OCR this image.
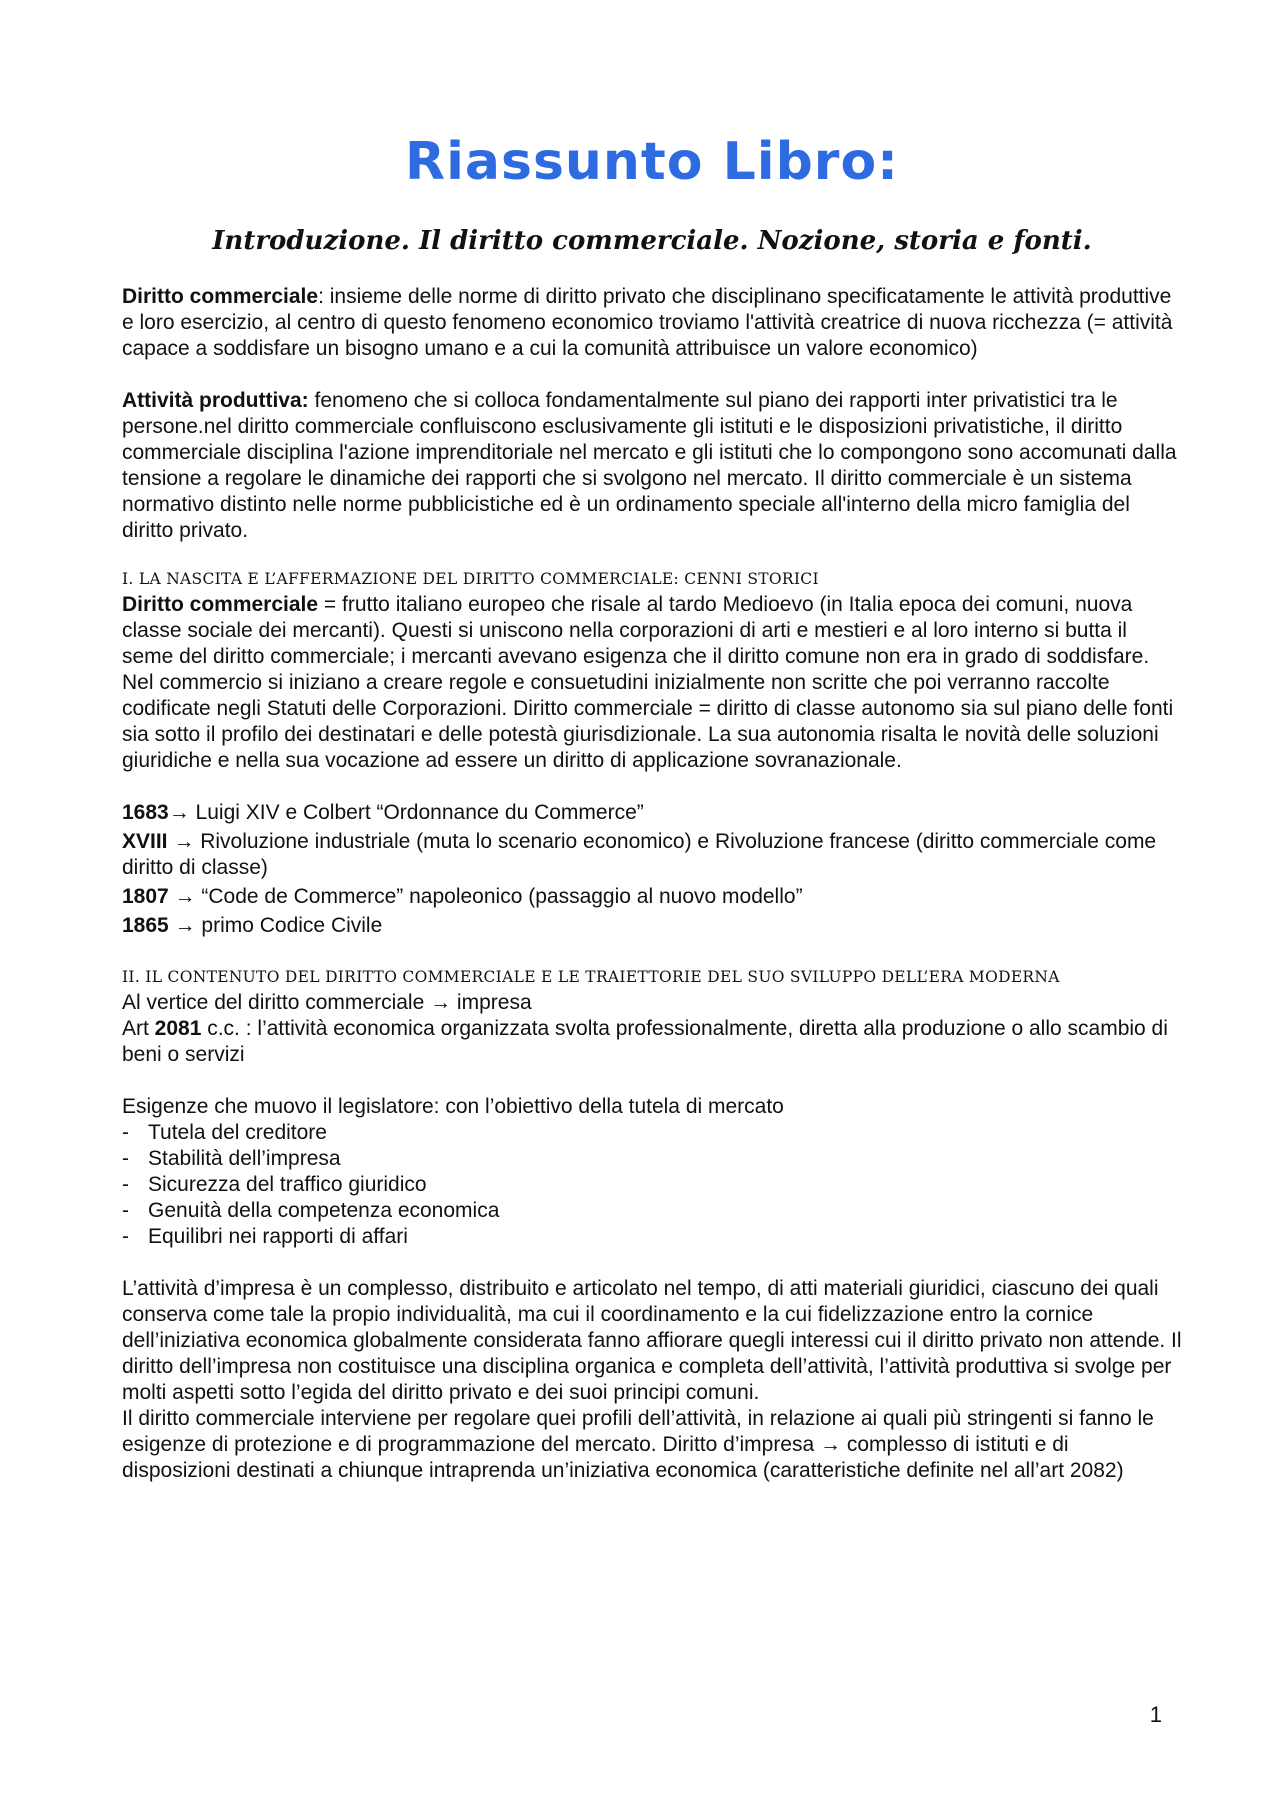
Riassunto Libro:
Introduzione. Il diritto commerciale. Nozione, storia e fonti.

Diritto commerciale: insieme delle norme di diritto privato che disciplinano specificatamente le attività produttive e loro esercizio, al centro di questo fenomeno economico troviamo l'attività creatrice di nuova ricchezza (= attività capace a soddisfare un bisogno umano e a cui la comunità attribuisce un valore economico)

Attività produttiva: fenomeno che si colloca fondamentalmente sul piano dei rapporti inter privatistici tra le persone.nel diritto commerciale confluiscono esclusivamente gli istituti e le disposizioni privatistiche, il diritto commerciale disciplina l'azione imprenditoriale nel mercato e gli istituti che lo compongono sono accomunati dalla tensione a regolare le dinamiche dei rapporti che si svolgono nel mercato. Il diritto commerciale è un sistema normativo distinto nelle norme pubblicistiche ed è un ordinamento speciale all'interno della micro famiglia del diritto privato.

I. LA NASCITA E L’AFFERMAZIONE DEL DIRITTO COMMERCIALE: CENNI STORICI

Diritto commerciale = frutto italiano europeo che risale al tardo Medioevo (in Italia epoca dei comuni, nuova classe sociale dei mercanti). Questi si uniscono nella corporazioni di arti e mestieri e al loro interno si butta il seme del diritto commerciale; i mercanti avevano esigenza che il diritto comune non era in grado di soddisfare. Nel commercio si iniziano a creare regole e consuetudini inizialmente non scritte che poi verranno raccolte codificate negli Statuti delle Corporazioni. Diritto commerciale = diritto di classe autonomo sia sul piano delle fonti sia sotto il profilo dei destinatari e delle potestà giurisdizionale. La sua autonomia risalta le novità delle soluzioni giuridiche e nella sua vocazione ad essere un diritto di applicazione sovranazionale.

1683→ Luigi XIV e Colbert “Ordonnance du Commerce”
XVIII → Rivoluzione industriale (muta lo scenario economico) e Rivoluzione francese (diritto commerciale come diritto di classe)
1807 → “Code de Commerce” napoleonico (passaggio al nuovo modello”
1865 → primo Codice Civile
II. IL CONTENUTO DEL DIRITTO COMMERCIALE E LE TRAIETTORIE DEL SUO SVILUPPO DELL’ERA MODERNA

Al vertice del diritto commerciale → impresa

Art 2081 c.c. : l’attività economica organizzata svolta professionalmente, diretta alla produzione o allo scambio di beni o servizi

Esigenze che muovo il legislatore: con l’obiettivo della tutela di mercato

- Tutela del creditore
- Stabilità dell’impresa
- Sicurezza del traffico giuridico
- Genuità della competenza economica
- Equilibri nei rapporti di affari

L’attività d’impresa è un complesso, distribuito e articolato nel tempo, di atti materiali giuridici, ciascuno dei quali conserva come tale la propio individualità, ma cui il coordinamento e la cui fidelizzazione entro la cornice dell’iniziativa economica globalmente considerata fanno affiorare quegli interessi cui il diritto privato non attende. Il diritto dell’impresa non costituisce una disciplina organica e completa dell’attività, l’attività produttiva si svolge per molti aspetti sotto l’egida del diritto privato e dei suoi principi comuni.

Il diritto commerciale interviene per regolare quei profili dell’attività, in relazione ai quali più stringenti si fanno le esigenze di protezione e di programmazione del mercato. Diritto d’impresa → complesso di istituti e di disposizioni destinati a chiunque intraprenda un’iniziativa economica (caratteristiche definite nel all’art 2082)

1
